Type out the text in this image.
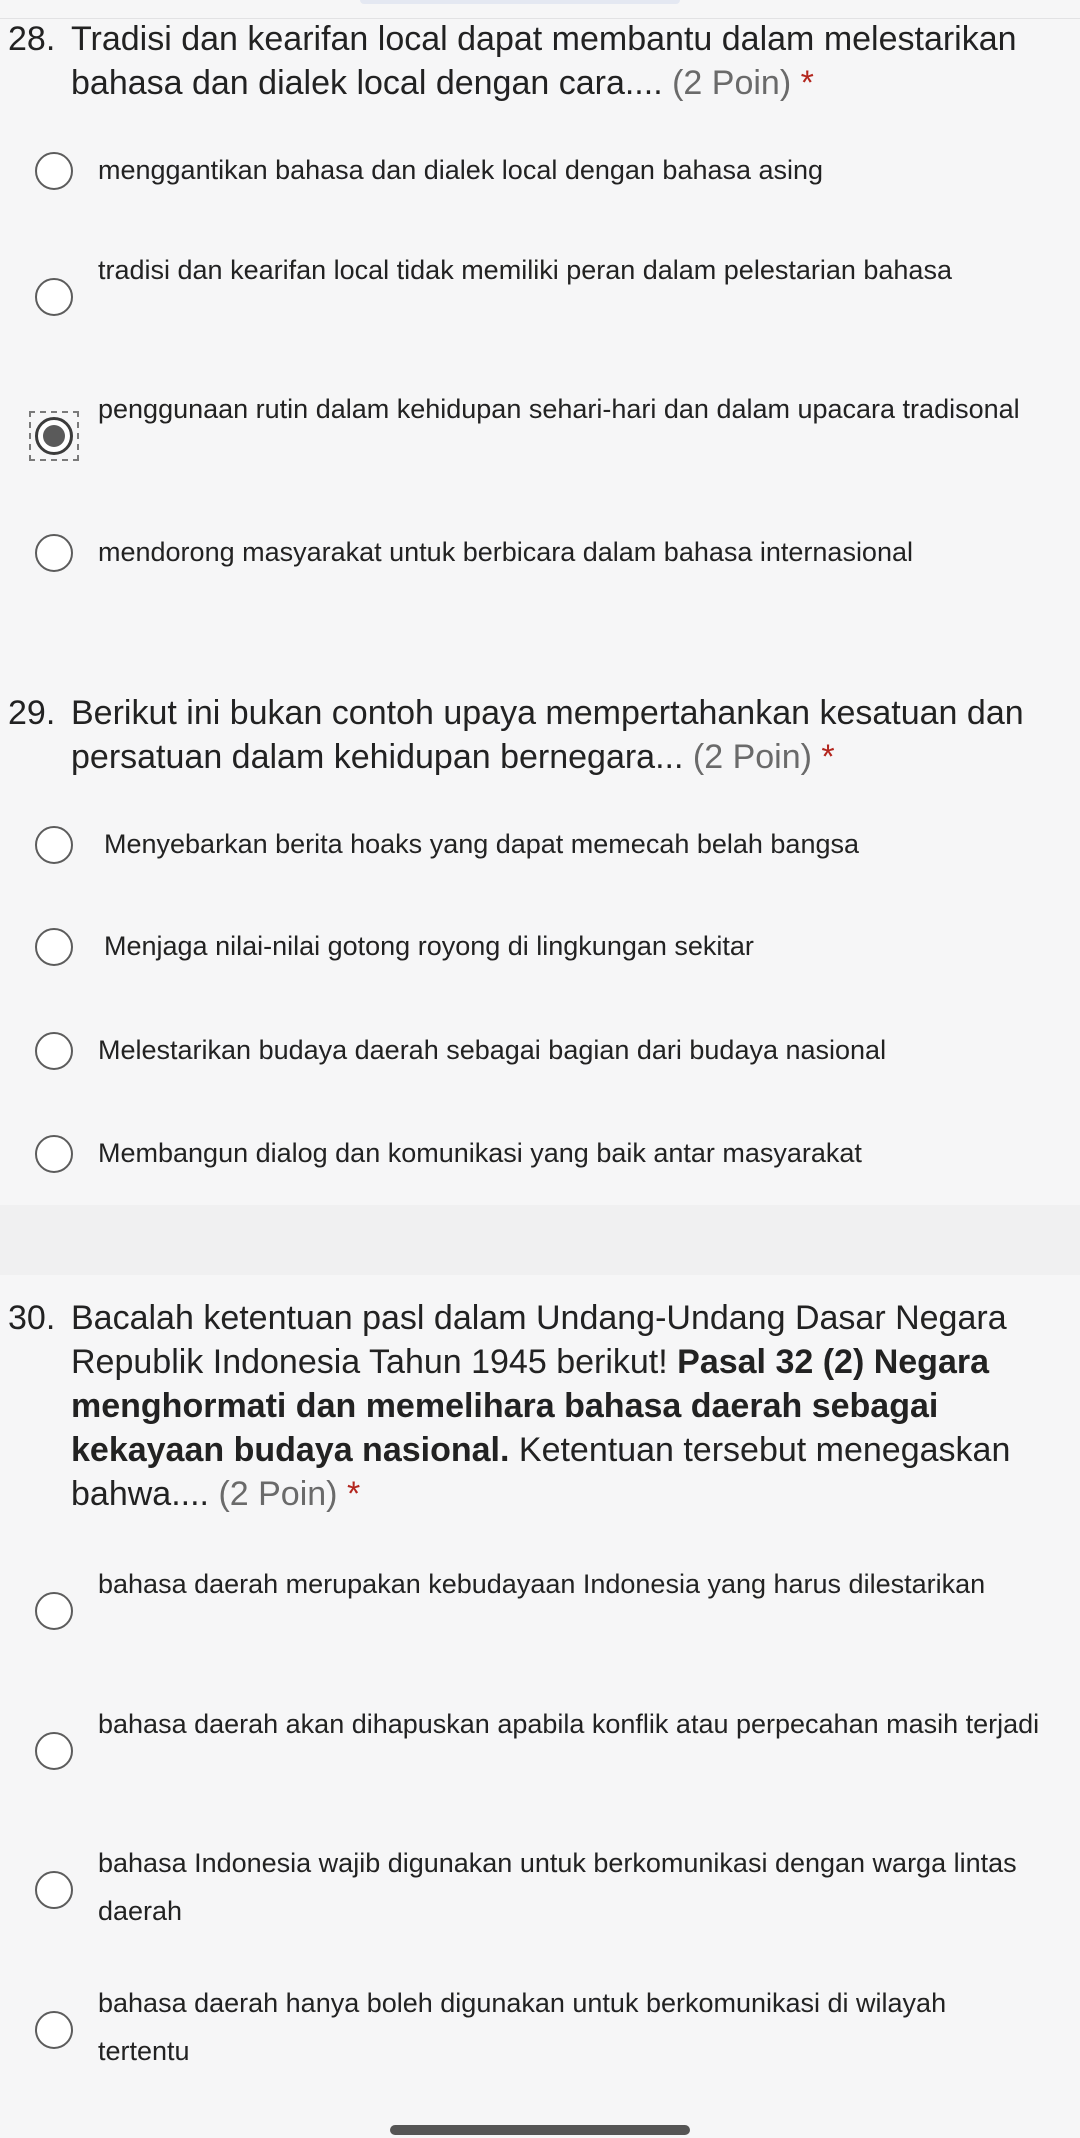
28. Tradisi dan kearifan local dapat membantu dalam melestarikan bahasa dan dialek local dengan cara.... (2 Poin) *
menggantikan bahasa dan dialek local dengan bahasa asing
tradisi dan kearifan local tidak memiliki peran dalam pelestarian bahasa
penggunaan rutin dalam kehidupan sehari-hari dan dalam upacara tradisonal
mendorong masyarakat untuk berbicara dalam bahasa internasional
29. Berikut ini bukan contoh upaya mempertahankan kesatuan dan persatuan dalam kehidupan bernegara... (2 Poin) *
Menyebarkan berita hoaks yang dapat memecah belah bangsa
Menjaga nilai-nilai gotong royong di lingkungan sekitar
Melestarikan budaya daerah sebagai bagian dari budaya nasional
Membangun dialog dan komunikasi yang baik antar masyarakat
30. Bacalah ketentuan pasl dalam Undang-Undang Dasar Negara Republik Indonesia Tahun 1945 berikut! Pasal 32 (2) Negara menghormati dan memelihara bahasa daerah sebagai kekayaan budaya nasional. Ketentuan tersebut menegaskan bahwa.... (2 Poin) *
bahasa daerah merupakan kebudayaan Indonesia yang harus dilestarikan
bahasa daerah akan dihapuskan apabila konflik atau perpecahan masih terjadi
bahasa Indonesia wajib digunakan untuk berkomunikasi dengan warga lintas daerah
bahasa daerah hanya boleh digunakan untuk berkomunikasi di wilayah tertentu
